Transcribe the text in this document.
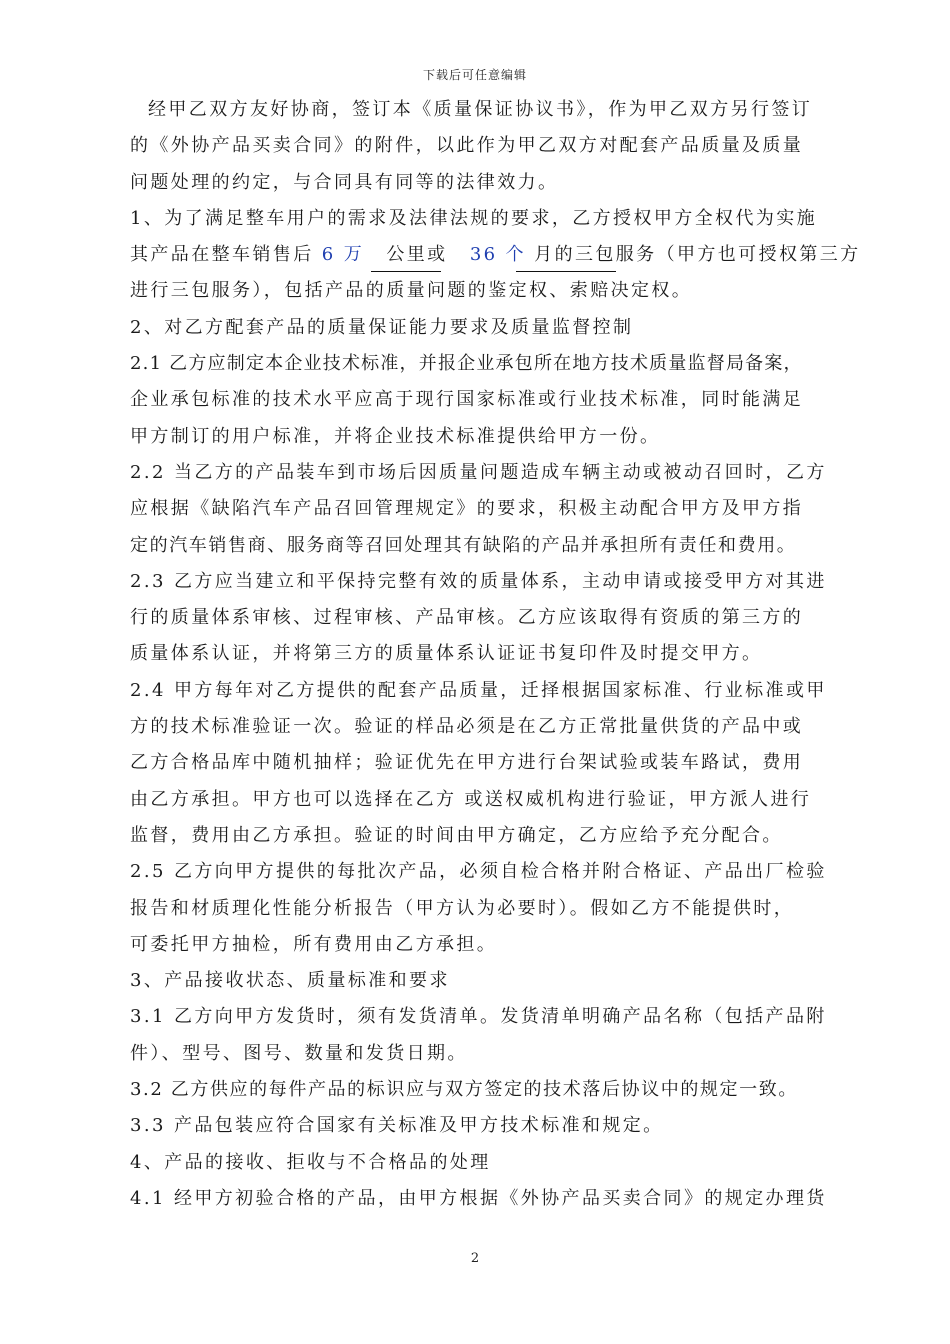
下载后可任意编辑
经甲乙双方友好协商，签订本《质量保证协议书》，作为甲乙双方另行签订
的《外协产品买卖合同》的附件，以此作为甲乙双方对配套产品质量及质量
问题处理的约定，与合同具有同等的法律效力。
1、为了满足整车用户的需求及法律法规的要求，乙方授权甲方全权代为实施
其产品在整车销售后 6 万 公里或 36 个 月的三包服务（甲方也可授权第三方
进行三包服务），包括产品的质量问题的鉴定权、索赔决定权。
2、对乙方配套产品的质量保证能力要求及质量监督控制
2.1 乙方应制定本企业技术标准，并报企业承包所在地方技术质量监督局备案，
企业承包标准的技术水平应高于现行国家标准或行业技术标准，同时能满足
甲方制订的用户标准，并将企业技术标准提供给甲方一份。
2.2 当乙方的产品装车到市场后因质量问题造成车辆主动或被动召回时，乙方
应根据《缺陷汽车产品召回管理规定》的要求，积极主动配合甲方及甲方指
定的汽车销售商、服务商等召回处理其有缺陷的产品并承担所有责任和费用。
2.3 乙方应当建立和平保持完整有效的质量体系，主动申请或接受甲方对其进
行的质量体系审核、过程审核、产品审核。乙方应该取得有资质的第三方的
质量体系认证，并将第三方的质量体系认证证书复印件及时提交甲方。
2.4 甲方每年对乙方提供的配套产品质量，迁择根据国家标准、行业标准或甲
方的技术标准验证一次。验证的样品必须是在乙方正常批量供货的产品中或
乙方合格品库中随机抽样；验证优先在甲方进行台架试验或装车路试，费用
由乙方承担。甲方也可以选择在乙方 或送权威机构进行验证，甲方派人进行
监督，费用由乙方承担。验证的时间由甲方确定，乙方应给予充分配合。
2.5 乙方向甲方提供的每批次产品，必须自检合格并附合格证、产品出厂检验
报告和材质理化性能分析报告（甲方认为必要时）。假如乙方不能提供时，
可委托甲方抽检，所有费用由乙方承担。
3、产品接收状态、质量标准和要求
3.1 乙方向甲方发货时，须有发货清单。发货清单明确产品名称（包括产品附
件）、型号、图号、数量和发货日期。
3.2 乙方供应的每件产品的标识应与双方签定的技术落后协议中的规定一致。
3.3 产品包装应符合国家有关标准及甲方技术标准和规定。
4、产品的接收、拒收与不合格品的处理
4.1 经甲方初验合格的产品，由甲方根据《外协产品买卖合同》的规定办理货
2
